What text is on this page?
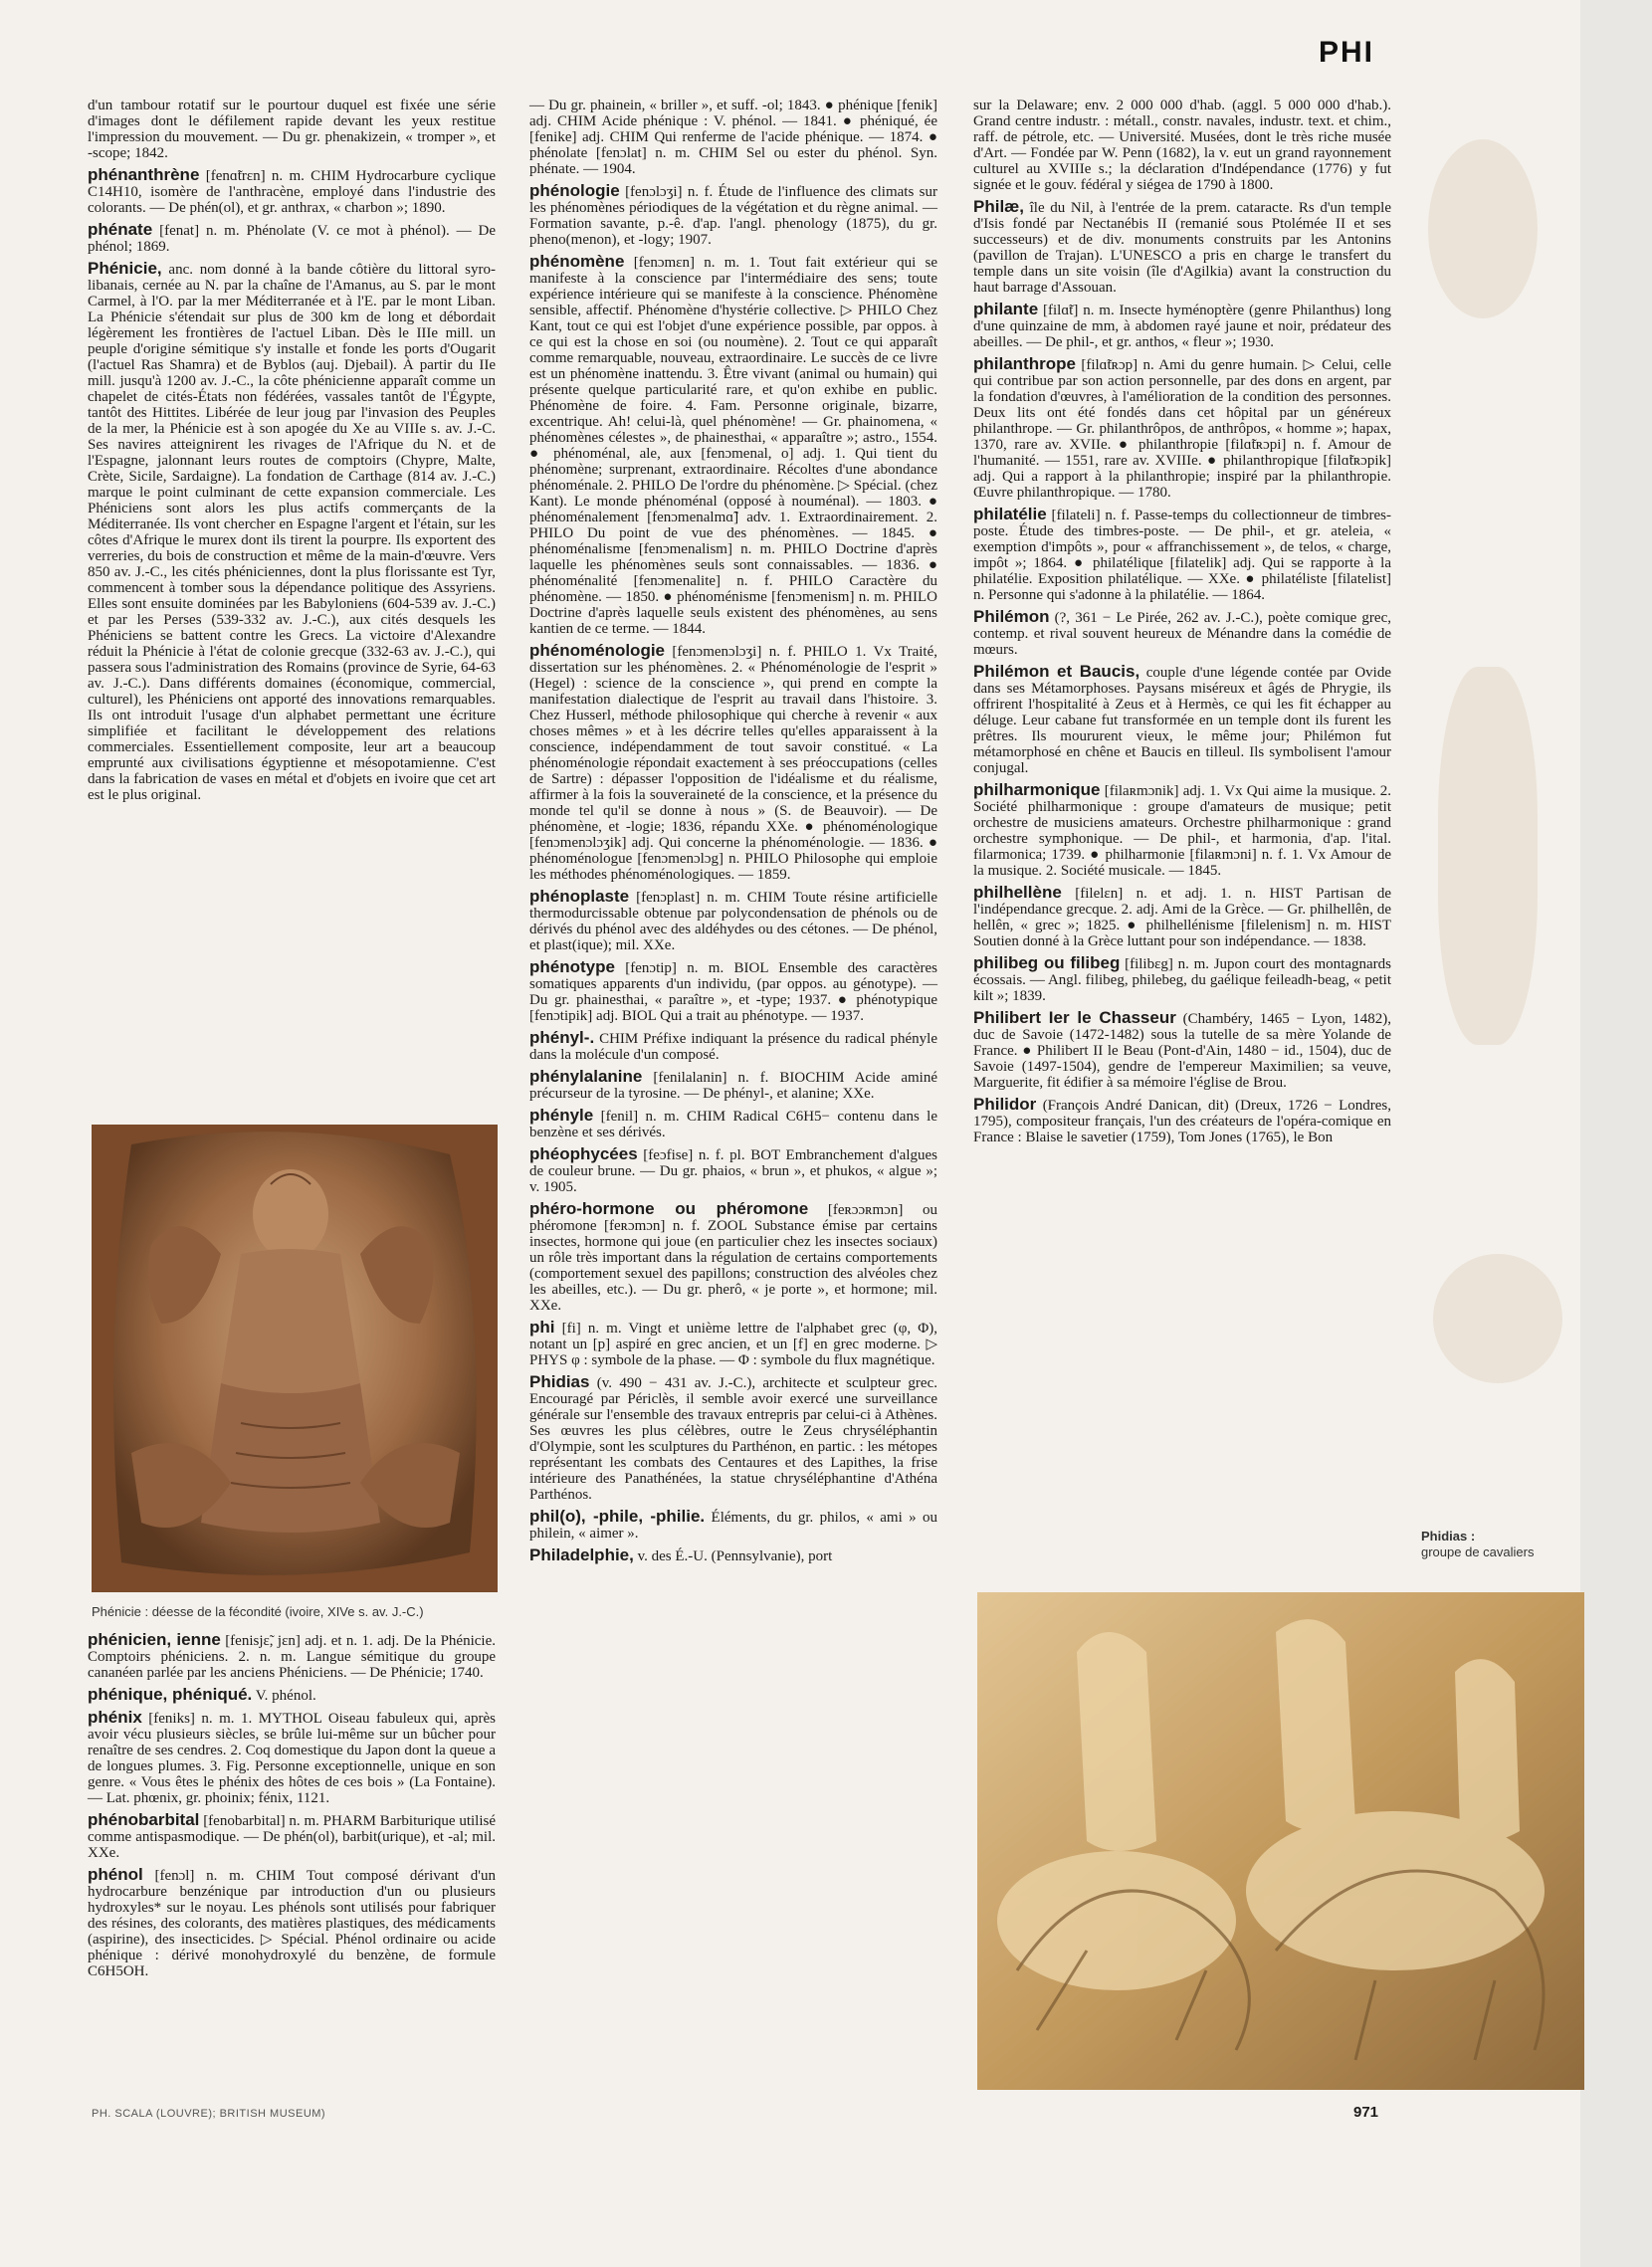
PHI

d'un tambour rotatif sur le pourtour duquel est fixée une série d'images dont le défilement rapide devant les yeux restitue l'impression du mouvement. — Du gr. phenakizein, « tromper », et -scope; 1842.

phénanthrène [fenɑ̃trɛn] n. m. CHIM Hydrocarbure cyclique C14H10, isomère de l'anthracène, employé dans l'industrie des colorants. — De phén(ol), et gr. anthrax, « charbon »; 1890.

phénate [fenat] n. m. Phénolate (V. ce mot à phénol). — De phénol; 1869.

Phénicie, anc. nom donné à la bande côtière du littoral syro-libanais, cernée au N. par la chaîne de l'Amanus, au S. par le mont Carmel, à l'O. par la mer Méditerranée et à l'E. par le mont Liban. La Phénicie s'étendait sur plus de 300 km de long et débordait légèrement les frontières de l'actuel Liban. Dès le IIIe mill. un peuple d'origine sémitique s'y installe et fonde les ports d'Ougarit (l'actuel Ras Shamra) et de Byblos (auj. Djebail). À partir du IIe mill. jusqu'à 1200 av. J.-C., la côte phénicienne apparaît comme un chapelet de cités-États non fédérées, vassales tantôt de l'Égypte, tantôt des Hittites. Libérée de leur joug par l'invasion des Peuples de la mer, la Phénicie est à son apogée du Xe au VIIIe s. av. J.-C. Ses navires atteignirent les rivages de l'Afrique du N. et de l'Espagne, jalonnant leurs routes de comptoirs (Chypre, Malte, Crète, Sicile, Sardaigne). La fondation de Carthage (814 av. J.-C.) marque le point culminant de cette expansion commerciale. Les Phéniciens sont alors les plus actifs commerçants de la Méditerranée. Ils vont chercher en Espagne l'argent et l'étain, sur les côtes d'Afrique le murex dont ils tirent la pourpre. Ils exportent des verreries, du bois de construction et même de la main-d'œuvre. Vers 850 av. J.-C., les cités phéniciennes, dont la plus florissante est Tyr, commencent à tomber sous la dépendance politique des Assyriens. Elles sont ensuite dominées par les Babyloniens (604-539 av. J.-C.) et par les Perses (539-332 av. J.-C.), aux cités desquels les Phéniciens se battent contre les Grecs. La victoire d'Alexandre réduit la Phénicie à l'état de colonie grecque (332-63 av. J.-C.), qui passera sous l'administration des Romains (province de Syrie, 64-63 av. J.-C.). Dans différents domaines (économique, commercial, culturel), les Phéniciens ont apporté des innovations remarquables. Ils ont introduit l'usage d'un alphabet permettant une écriture simplifiée et facilitant le développement des relations commerciales. Essentiellement composite, leur art a beaucoup emprunté aux civilisations égyptienne et mésopotamienne. C'est dans la fabrication de vases en métal et d'objets en ivoire que cet art est le plus original.

Phénicie : déesse de la fécondité (ivoire, XIVe s. av. J.-C.)

phénicien, ienne [fenisjɛ̃, jɛn] adj. et n. 1. adj. De la Phénicie. Comptoirs phéniciens. 2. n. m. Langue sémitique du groupe cananéen parlée par les anciens Phéniciens. — De Phénicie; 1740.

phénique, phéniqué. V. phénol.

phénix [feniks] n. m. 1. MYTHOL Oiseau fabuleux qui, après avoir vécu plusieurs siècles, se brûle lui-même sur un bûcher pour renaître de ses cendres. 2. Coq domestique du Japon dont la queue a de longues plumes. 3. Fig. Personne exceptionnelle, unique en son genre. « Vous êtes le phénix des hôtes de ces bois » (La Fontaine). — Lat. phœnix, gr. phoinix; fénix, 1121.

phénobarbital [fenobarbital] n. m. PHARM Barbiturique utilisé comme antispasmodique. — De phén(ol), barbit(urique), et -al; mil. XXe.

phénol [fenɔl] n. m. CHIM Tout composé dérivant d'un hydrocarbure benzénique par introduction d'un ou plusieurs hydroxyles* sur le noyau. Les phénols sont utilisés pour fabriquer des résines, des colorants, des matières plastiques, des médicaments (aspirine), des insecticides. ▷ Spécial. Phénol ordinaire ou acide phénique : dérivé monohydroxylé du benzène, de formule C6H5OH.

— Du gr. phainein, « briller », et suff. -ol; 1843. ● phénique [fenik] adj. CHIM Acide phénique : V. phénol. — 1841. ● phéniqué, ée [fenike] adj. CHIM Qui renferme de l'acide phénique. — 1874. ● phénolate [fenɔlat] n. m. CHIM Sel ou ester du phénol. Syn. phénate. — 1904.

phénologie [fenɔlɔʒi] n. f. Étude de l'influence des climats sur les phénomènes périodiques de la végétation et du règne animal. — Formation savante, p.-ê. d'ap. l'angl. phenology (1875), du gr. pheno(menon), et -logy; 1907.

phénomène [fenɔmɛn] n. m. 1. Tout fait extérieur qui se manifeste à la conscience par l'intermédiaire des sens; toute expérience intérieure qui se manifeste à la conscience. Phénomène sensible, affectif. Phénomène d'hystérie collective. ▷ PHILO Chez Kant, tout ce qui est l'objet d'une expérience possible, par oppos. à ce qui est la chose en soi (ou noumène). 2. Tout ce qui apparaît comme remarquable, nouveau, extraordinaire. Le succès de ce livre est un phénomène inattendu. 3. Être vivant (animal ou humain) qui présente quelque particularité rare, et qu'on exhibe en public. Phénomène de foire. 4. Fam. Personne originale, bizarre, excentrique. Ah! celui-là, quel phénomène! — Gr. phainomena, « phénomènes célestes », de phainesthai, « apparaître »; astro., 1554. ● phénoménal, ale, aux [fenɔmenal, o] adj. 1. Qui tient du phénomène; surprenant, extraordinaire. Récoltes d'une abondance phénoménale. 2. PHILO De l'ordre du phénomène. ▷ Spécial. (chez Kant). Le monde phénoménal (opposé à nouménal). — 1803. ● phénoménalement [fenɔmenalmɑ̃] adv. 1. Extraordinairement. 2. PHILO Du point de vue des phénomènes. — 1845. ● phénoménalisme [fenɔmenalism] n. m. PHILO Doctrine d'après laquelle les phénomènes seuls sont connaissables. — 1836. ● phénoménalité [fenɔmenalite] n. f. PHILO Caractère du phénomène. — 1850. ● phénoménisme [fenɔmenism] n. m. PHILO Doctrine d'après laquelle seuls existent des phénomènes, au sens kantien de ce terme. — 1844.

phénoménologie [fenɔmenɔlɔʒi] n. f. PHILO 1. Vx Traité, dissertation sur les phénomènes. 2. « Phénoménologie de l'esprit » (Hegel) : science de la conscience », qui prend en compte la manifestation dialectique de l'esprit au travail dans l'histoire. 3. Chez Husserl, méthode philosophique qui cherche à revenir « aux choses mêmes » et à les décrire telles qu'elles apparaissent à la conscience, indépendamment de tout savoir constitué. « La phénoménologie répondait exactement à ses préoccupations (celles de Sartre) : dépasser l'opposition de l'idéalisme et du réalisme, affirmer à la fois la souveraineté de la conscience, et la présence du monde tel qu'il se donne à nous » (S. de Beauvoir). — De phénomène, et -logie; 1836, répandu XXe. ● phénoménologique [fenɔmenɔlɔʒik] adj. Qui concerne la phénoménologie. — 1836. ● phénoménologue [fenɔmenɔlɔg] n. PHILO Philosophe qui emploie les méthodes phénoménologiques. — 1859.

phénoplaste [fenɔplast] n. m. CHIM Toute résine artificielle thermodurcissable obtenue par polycondensation de phénols ou de dérivés du phénol avec des aldéhydes ou des cétones. — De phénol, et plast(ique); mil. XXe.

phénotype [fenɔtip] n. m. BIOL Ensemble des caractères somatiques apparents d'un individu, (par oppos. au génotype). — Du gr. phainesthai, « paraître », et -type; 1937. ● phénotypique [fenɔtipik] adj. BIOL Qui a trait au phénotype. — 1937.

phényl-. CHIM Préfixe indiquant la présence du radical phényle dans la molécule d'un composé.

phénylalanine [fenilalanin] n. f. BIOCHIM Acide aminé précurseur de la tyrosine. — De phényl-, et alanine; XXe.

phényle [fenil] n. m. CHIM Radical C6H5− contenu dans le benzène et ses dérivés.

phéophycées [feɔfise] n. f. pl. BOT Embranchement d'algues de couleur brune. — Du gr. phaios, « brun », et phukos, « algue »; v. 1905.

phéro-hormone ou phéromone [feʀɔɔʀmɔn] ou phéromone [feʀɔmɔn] n. f. ZOOL Substance émise par certains insectes, hormone qui joue (en particulier chez les insectes sociaux) un rôle très important dans la régulation de certains comportements (comportement sexuel des papillons; construction des alvéoles chez les abeilles, etc.). — Du gr. pherô, « je porte », et hormone; mil. XXe.

phi [fi] n. m. Vingt et unième lettre de l'alphabet grec (φ, Φ), notant un [p] aspiré en grec ancien, et un [f] en grec moderne. ▷ PHYS φ : symbole de la phase. — Φ : symbole du flux magnétique.

Phidias (v. 490 − 431 av. J.-C.), architecte et sculpteur grec. Encouragé par Périclès, il semble avoir exercé une surveillance générale sur l'ensemble des travaux entrepris par celui-ci à Athènes. Ses œuvres les plus célèbres, outre le Zeus chryséléphantin d'Olympie, sont les sculptures du Parthénon, en partic. : les métopes représentant les combats des Centaures et des Lapithes, la frise intérieure des Panathénées, la statue chryséléphantine d'Athéna Parthénos.

phil(o), -phile, -philie. Éléments, du gr. philos, « ami » ou philein, « aimer ».

Philadelphie, v. des É.-U. (Pennsylvanie), port

sur la Delaware; env. 2 000 000 d'hab. (aggl. 5 000 000 d'hab.). Grand centre industr. : métall., constr. navales, industr. text. et chim., raff. de pétrole, etc. — Université. Musées, dont le très riche musée d'Art. — Fondée par W. Penn (1682), la v. eut un grand rayonnement culturel au XVIIIe s.; la déclaration d'Indépendance (1776) y fut signée et le gouv. fédéral y siégea de 1790 à 1800.

Philæ, île du Nil, à l'entrée de la prem. cataracte. Rs d'un temple d'Isis fondé par Nectanébis II (remanié sous Ptolémée II et ses successeurs) et de div. monuments construits par les Antonins (pavillon de Trajan). L'UNESCO a pris en charge le transfert du temple dans un site voisin (île d'Agilkia) avant la construction du haut barrage d'Assouan.

philante [filɑ̃t] n. m. Insecte hyménoptère (genre Philanthus) long d'une quinzaine de mm, à abdomen rayé jaune et noir, prédateur des abeilles. — De phil-, et gr. anthos, « fleur »; 1930.

philanthrope [filɑ̃tʀɔp] n. Ami du genre humain. ▷ Celui, celle qui contribue par son action personnelle, par des dons en argent, par la fondation d'œuvres, à l'amélioration de la condition des personnes. Deux lits ont été fondés dans cet hôpital par un généreux philanthrope. — Gr. philanthrôpos, de anthrôpos, « homme »; hapax, 1370, rare av. XVIIe. ● philanthropie [filɑ̃tʀɔpi] n. f. Amour de l'humanité. — 1551, rare av. XVIIIe. ● philanthropique [filɑ̃tʀɔpik] adj. Qui a rapport à la philanthropie; inspiré par la philanthropie. Œuvre philanthropique. — 1780.

philatélie [filateli] n. f. Passe-temps du collectionneur de timbres-poste. Étude des timbres-poste. — De phil-, et gr. ateleia, « exemption d'impôts », pour « affranchissement », de telos, « charge, impôt »; 1864. ● philatélique [filatelik] adj. Qui se rapporte à la philatélie. Exposition philatélique. — XXe. ● philatéliste [filatelist] n. Personne qui s'adonne à la philatélie. — 1864.

Philémon (?, 361 − Le Pirée, 262 av. J.-C.), poète comique grec, contemp. et rival souvent heureux de Ménandre dans la comédie de mœurs.

Philémon et Baucis, couple d'une légende contée par Ovide dans ses Métamorphoses. Paysans miséreux et âgés de Phrygie, ils offrirent l'hospitalité à Zeus et à Hermès, ce qui les fit échapper au déluge. Leur cabane fut transformée en un temple dont ils furent les prêtres. Ils moururent vieux, le même jour; Philémon fut métamorphosé en chêne et Baucis en tilleul. Ils symbolisent l'amour conjugal.

philharmonique [filaʀmɔnik] adj. 1. Vx Qui aime la musique. 2. Société philharmonique : groupe d'amateurs de musique; petit orchestre de musiciens amateurs. Orchestre philharmonique : grand orchestre symphonique. — De phil-, et harmonia, d'ap. l'ital. filarmonica; 1739. ● philharmonie [filaʀmɔni] n. f. 1. Vx Amour de la musique. 2. Société musicale. — 1845.

philhellène [filelɛn] n. et adj. 1. n. HIST Partisan de l'indépendance grecque. 2. adj. Ami de la Grèce. — Gr. philhellên, de hellên, « grec »; 1825. ● philhellénisme [filelenism] n. m. HIST Soutien donné à la Grèce luttant pour son indépendance. — 1838.

philibeg ou filibeg [filibɛg] n. m. Jupon court des montagnards écossais. — Angl. filibeg, philebeg, du gaélique feileadh-beag, « petit kilt »; 1839.

Philibert Ier le Chasseur (Chambéry, 1465 − Lyon, 1482), duc de Savoie (1472-1482) sous la tutelle de sa mère Yolande de France. ● Philibert II le Beau (Pont-d'Ain, 1480 − id., 1504), duc de Savoie (1497-1504), gendre de l'empereur Maximilien; sa veuve, Marguerite, fit édifier à sa mémoire l'église de Brou.

Philidor (François André Danican, dit) (Dreux, 1726 − Londres, 1795), compositeur français, l'un des créateurs de l'opéra-comique en France : Blaise le savetier (1759), Tom Jones (1765), le Bon

Phidias :
groupe de cavaliers
PH. SCALA (LOUVRE); BRITISH MUSEUM)	971
